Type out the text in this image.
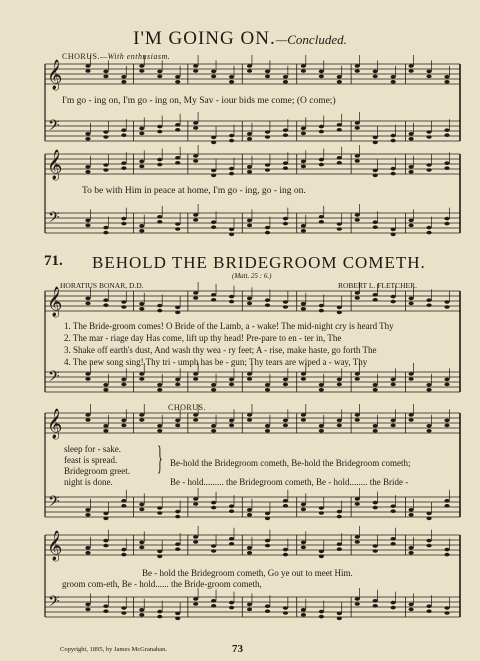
𝄞
𝄢
𝄞
𝄢
𝄞
𝄢
𝄞
𝄢
𝄞
𝄢
I'M GOING ON.—Concluded.
CHORUS.—With enthusiasm.
I'm go - ing on, I'm go - ing on, My Sav - iour bids me come; (O come;)
To be with Him in peace at home, I'm go - ing, go - ing on.
71. BEHOLD THE BRIDEGROOM COMETH.
(Matt. 25 : 6.)
HORATIUS BONAR, D.D.	ROBERT L. FLETCHER.
1. The Bride-groom comes! O Bride of the Lamb, a - wake! The mid-night cry is heard Thy
2. The mar - riage day Has come, lift up thy head! Pre-pare to en - ter in, The
3. Shake off earth's dust, And wash thy wea - ry feet; A - rise, make haste, go forth The
4. The new song sing! Thy tri - umph has be - gun; Thy tears are wiped a - way, Thy
CHORUS.
sleep for - sake.
feast is spread.
Bridegroom greet.
night is done.
} Be-hold the Bridegroom cometh, Be-hold the Bridegroom cometh;
Be - hold......... the Bridegroom cometh, Be - hold........ the Bride -
Be - hold the Bridegroom cometh, Go ye out to meet Him.
groom com-eth, Be - hold...... the Bride-groom cometh,
Copyright, 1895, by James McGranahan.	73
